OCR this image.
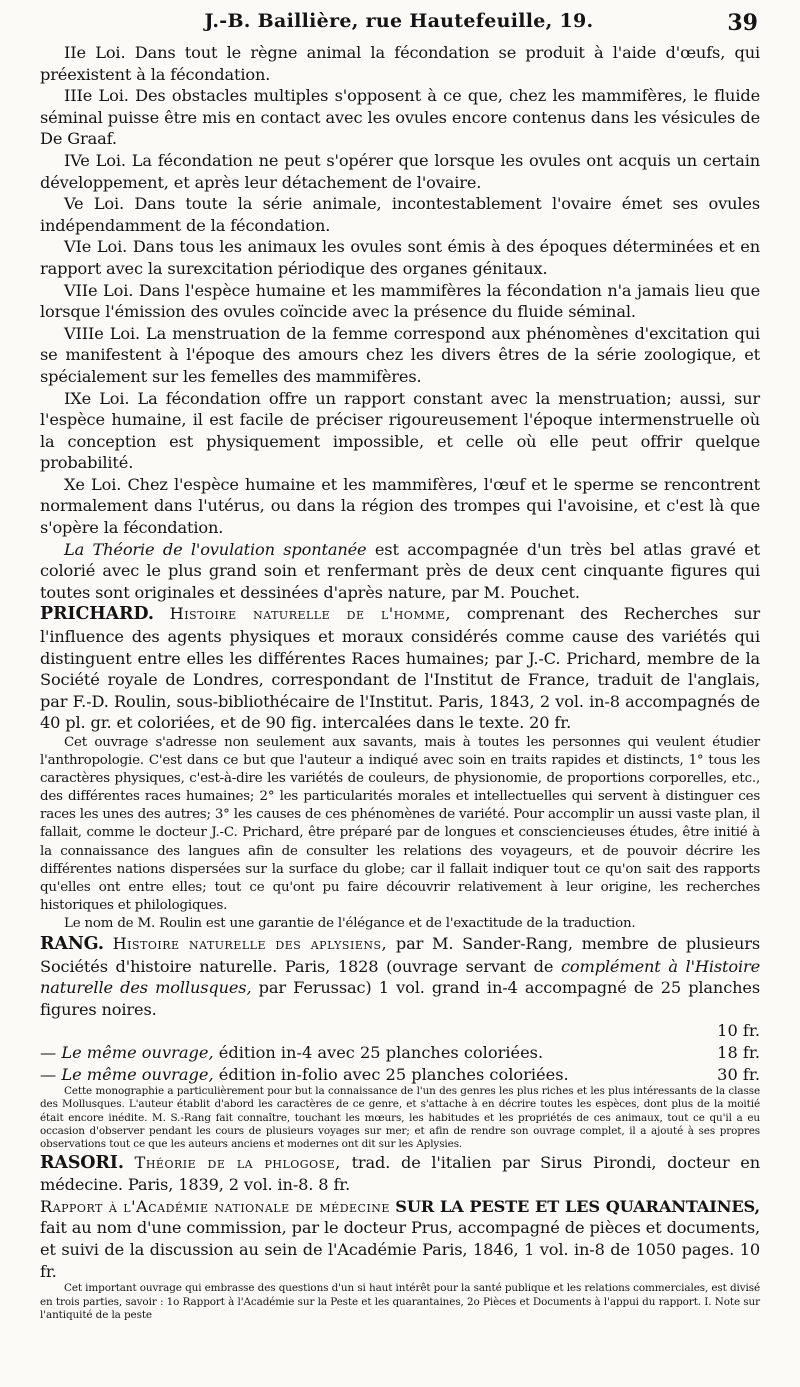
J.-B. Baillière, rue Hautefeuille, 19.	39

IIe Loi. Dans tout le règne animal la fécondation se produit à l'aide d'œufs, qui préexistent à la fécondation.

IIIe Loi. Des obstacles multiples s'opposent à ce que, chez les mammifères, le fluide séminal puisse être mis en contact avec les ovules encore contenus dans les vésicules de De Graaf.

IVe Loi. La fécondation ne peut s'opérer que lorsque les ovules ont acquis un certain développement, et après leur détachement de l'ovaire.

Ve Loi. Dans toute la série animale, incontestablement l'ovaire émet ses ovules indépendamment de la fécondation.

VIe Loi. Dans tous les animaux les ovules sont émis à des époques déterminées et en rapport avec la surexcitation périodique des organes génitaux.

VIIe Loi. Dans l'espèce humaine et les mammifères la fécondation n'a jamais lieu que lorsque l'émission des ovules coïncide avec la présence du fluide séminal.

VIIIe Loi. La menstruation de la femme correspond aux phénomènes d'excitation qui se manifestent à l'époque des amours chez les divers êtres de la série zoologique, et spécialement sur les femelles des mammifères.

IXe Loi. La fécondation offre un rapport constant avec la menstruation; aussi, sur l'espèce humaine, il est facile de préciser rigoureusement l'époque intermenstruelle où la conception est physiquement impossible, et celle où elle peut offrir quelque probabilité.

Xe Loi. Chez l'espèce humaine et les mammifères, l'œuf et le sperme se rencontrent normalement dans l'utérus, ou dans la région des trompes qui l'avoisine, et c'est là que s'opère la fécondation.

La Théorie de l'ovulation spontanée est accompagnée d'un très bel atlas gravé et colorié avec le plus grand soin et renfermant près de deux cent cinquante figures qui toutes sont originales et dessinées d'après nature, par M. Pouchet.

PRICHARD. Histoire naturelle de l'homme, comprenant des Recherches sur l'influence des agents physiques et moraux considérés comme cause des variétés qui distinguent entre elles les différentes Races humaines; par J.-C. Prichard, membre de la Société royale de Londres, correspondant de l'Institut de France, traduit de l'anglais, par F.-D. Roulin, sous-bibliothécaire de l'Institut. Paris, 1843, 2 vol. in-8 accompagnés de 40 pl. gr. et coloriées, et de 90 fig. intercalées dans le texte. 20 fr.

Cet ouvrage s'adresse non seulement aux savants, mais à toutes les personnes qui veulent étudier l'anthropologie. C'est dans ce but que l'auteur a indiqué avec soin en traits rapides et distincts, 1° tous les caractères physiques, c'est-à-dire les variétés de couleurs, de physionomie, de proportions corporelles, etc., des différentes races humaines; 2° les particularités morales et intellectuelles qui servent à distinguer ces races les unes des autres; 3° les causes de ces phénomènes de variété. Pour accomplir un aussi vaste plan, il fallait, comme le docteur J.-C. Prichard, être préparé par de longues et consciencieuses études, être initié à la connaissance des langues afin de consulter les relations des voyageurs, et de pouvoir décrire les différentes nations dispersées sur la surface du globe; car il fallait indiquer tout ce qu'on sait des rapports qu'elles ont entre elles; tout ce qu'ont pu faire découvrir relativement à leur origine, les recherches historiques et philologiques.

Le nom de M. Roulin est une garantie de l'élégance et de l'exactitude de la traduction.

RANG. Histoire naturelle des aplysiens, par M. Sander-Rang, membre de plusieurs Sociétés d'histoire naturelle. Paris, 1828 (ouvrage servant de complément à l'Histoire naturelle des mollusques, par Ferussac) 1 vol. grand in-4 accompagné de 25 planches figures noires.

10 fr.
— Le même ouvrage, édition in-4 avec 25 planches coloriées.	18 fr.
— Le même ouvrage, édition in-folio avec 25 planches coloriées.	30 fr.

Cette monographie a particulièrement pour but la connaissance de l'un des genres les plus riches et les plus intéressants de la classe des Mollusques. L'auteur établit d'abord les caractères de ce genre, et s'attache à en décrire toutes les espèces, dont plus de la moitié était encore inédite. M. S.-Rang fait connaître, touchant les mœurs, les habitudes et les propriétés de ces animaux, tout ce qu'il a eu occasion d'observer pendant les cours de plusieurs voyages sur mer; et afin de rendre son ouvrage complet, il a ajouté à ses propres observations tout ce que les auteurs anciens et modernes ont dit sur les Aplysies.

RASORI. Théorie de la phlogose, trad. de l'italien par Sirus Pirondi, docteur en médecine. Paris, 1839, 2 vol. in-8. 8 fr.

Rapport à l'Académie nationale de médecine SUR LA PESTE ET LES QUARANTAINES, fait au nom d'une commission, par le docteur Prus, accompagné de pièces et documents, et suivi de la discussion au sein de l'Académie Paris, 1846, 1 vol. in-8 de 1050 pages. 10 fr.

Cet important ouvrage qui embrasse des questions d'un si haut intérêt pour la santé publique et les relations commerciales, est divisé en trois parties, savoir : 1o Rapport à l'Académie sur la Peste et les quarantaines, 2o Pièces et Documents à l'appui du rapport. I. Note sur l'antiquité de la peste
